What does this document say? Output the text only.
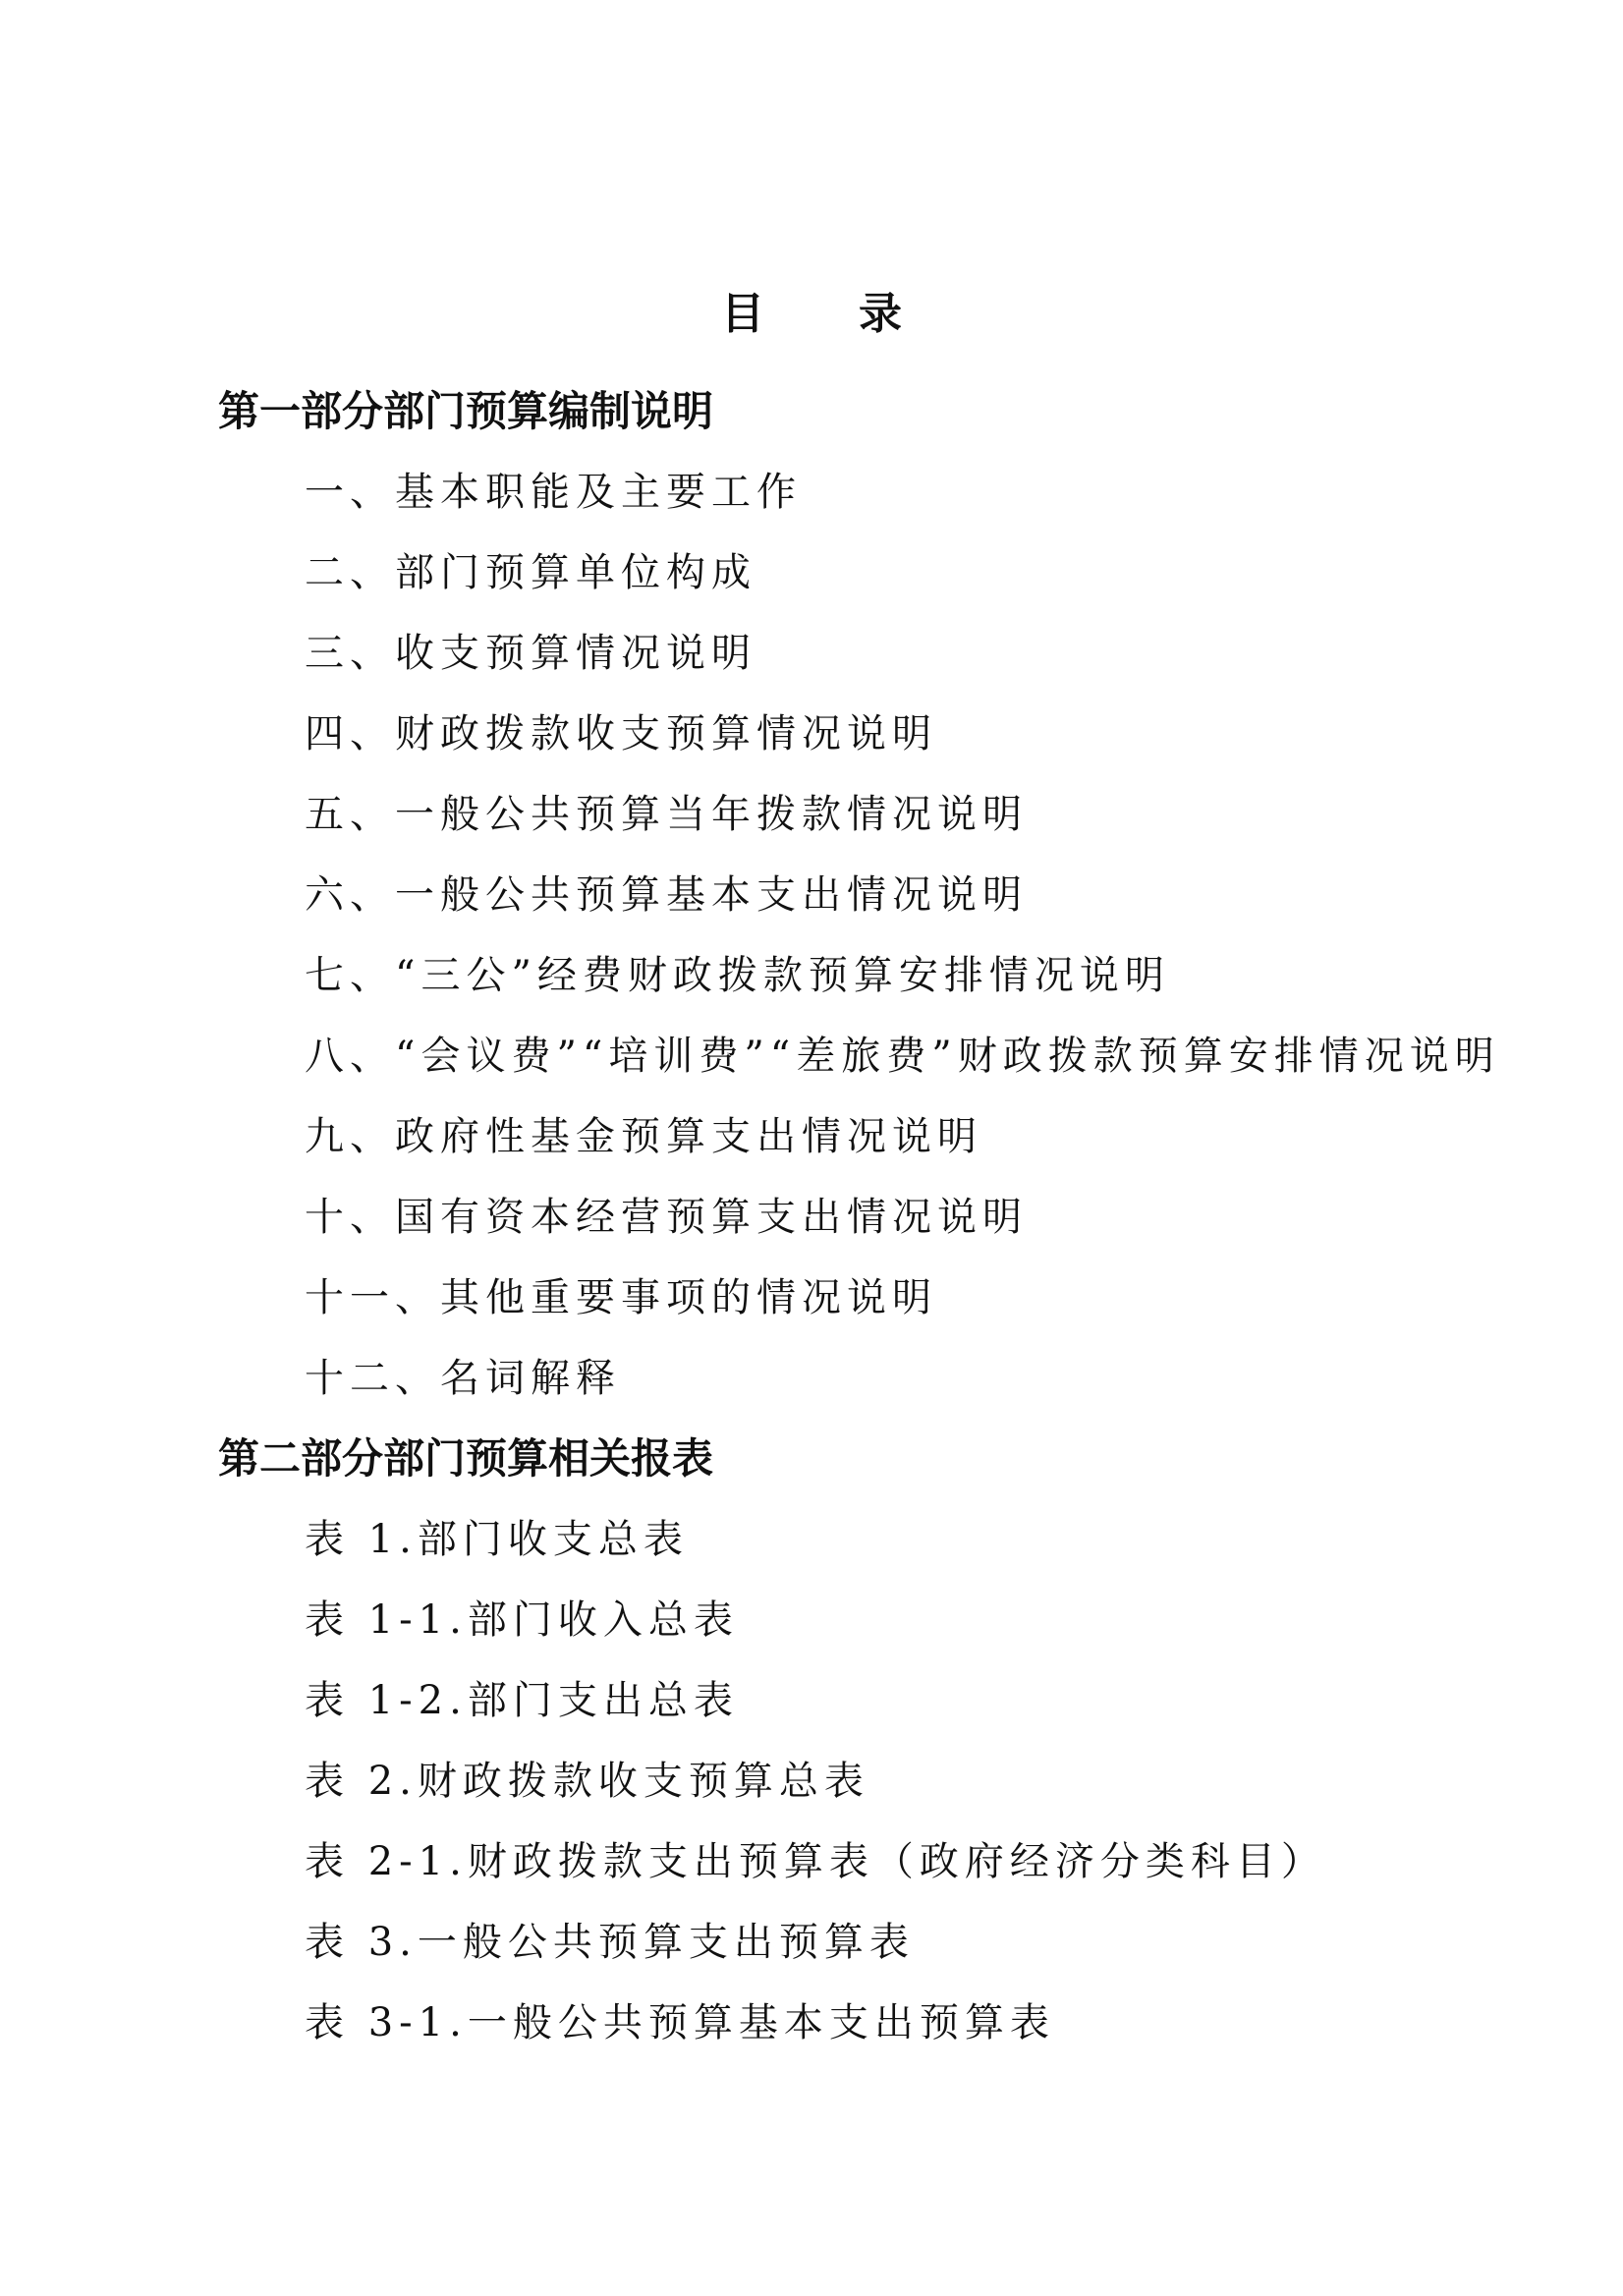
目 录
第一部分部门预算编制说明
一、基本职能及主要工作
二、部门预算单位构成
三、收支预算情况说明
四、财政拨款收支预算情况说明
五、一般公共预算当年拨款情况说明
六、一般公共预算基本支出情况说明
七、“三公”经费财政拨款预算安排情况说明
八、“会议费”“培训费”“差旅费”财政拨款预算安排情况说明
九、政府性基金预算支出情况说明
十、国有资本经营预算支出情况说明
十一、其他重要事项的情况说明
十二、名词解释
第二部分部门预算相关报表
表 1.部门收支总表
表 1-1.部门收入总表
表 1-2.部门支出总表
表 2.财政拨款收支预算总表
表 2-1.财政拨款支出预算表（政府经济分类科目）
表 3.一般公共预算支出预算表
表 3-1.一般公共预算基本支出预算表
